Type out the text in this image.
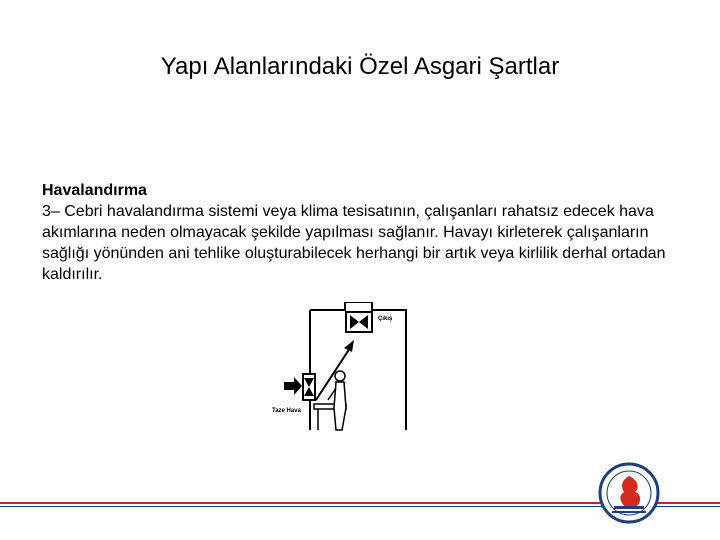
Yapı Alanlarındaki Özel Asgari Şartlar
Havalandırma
3– Cebri havalandırma sistemi veya klima tesisatının, çalışanları rahatsız edecek hava akımlarına neden olmayacak şekilde yapılması sağlanır. Havayı kirleterek çalışanların sağlığı yönünden ani tehlike oluşturabilecek herhangi bir artık veya kirlilik derhal ortadan kaldırılır.
Çıkış
Taze Hava
